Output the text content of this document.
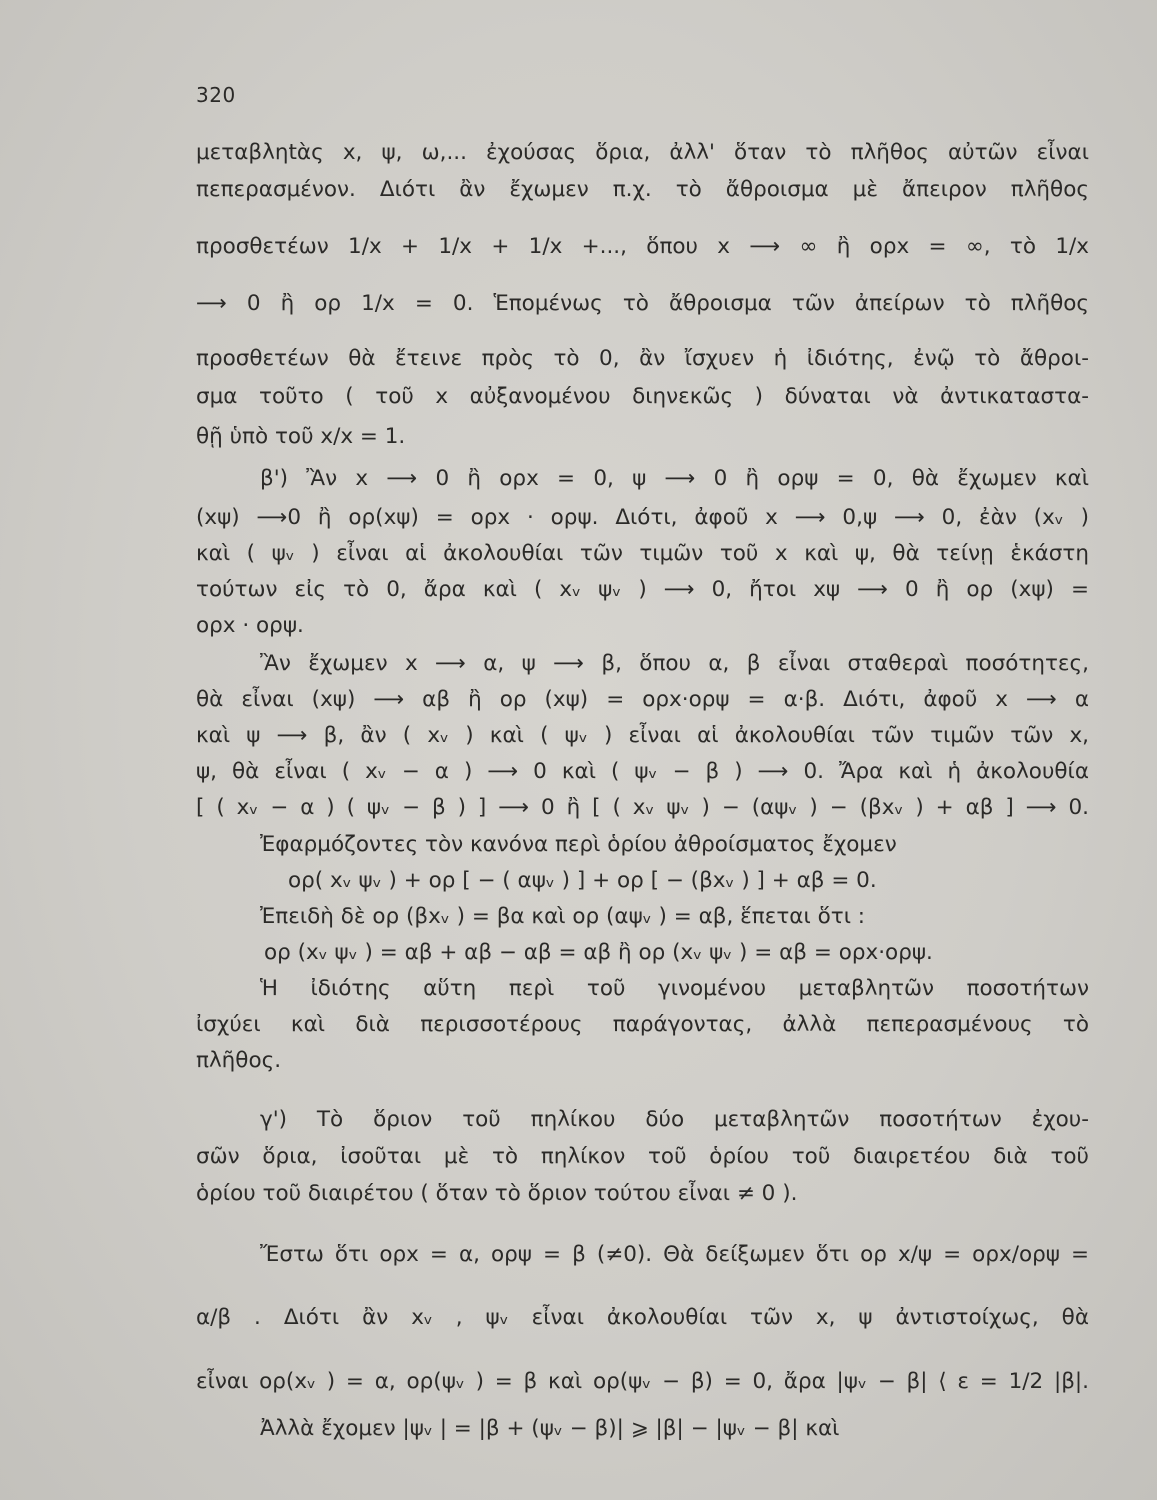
320
μεταβληtὰς x, ψ, ω,... ἐχούσας ὅρια, ἀλλ' ὅταν τὸ πλῆθος αὐτῶν εἶναι
πεπερασμένον. Διότι ἂν ἔχωμεν π.χ. τὸ ἄθροισμα μὲ ἄπειρον πλῆθος
προσθετέων 1/x + 1/x + 1/x +..., ὅπου x ⟶ ∞ ἢ ορx = ∞, τὸ 1/x
⟶ 0 ἢ ορ 1/x = 0. Ἑπομένως τὸ ἄθροισμα τῶν ἀπείρων τὸ πλῆθος
προσθετέων θὰ ἔτεινε πρὸς τὸ 0, ἂν ἴσχυεν ἡ ἰδιότης, ἐνῷ τὸ ἄθροι-
σμα τοῦτο ( τοῦ x αὐξανομένου διηνεκῶς ) δύναται νὰ ἀντικαταστα-
θῇ ὑπὸ τοῦ x/x = 1.
β') Ἂν x ⟶ 0 ἢ ορx = 0, ψ ⟶ 0 ἢ ορψ = 0, θὰ ἔχωμεν καὶ
(xψ) ⟶0 ἢ ορ(xψ) = ορx · ορψ. Διότι, ἀφοῦ x ⟶ 0,ψ ⟶ 0, ἐὰν (xᵥ )
καὶ ( ψᵥ ) εἶναι αἱ ἀκολουθίαι τῶν τιμῶν τοῦ x καὶ ψ, θὰ τείνῃ ἑκάστη
τούτων εἰς τὸ 0, ἄρα καὶ ( xᵥ ψᵥ ) ⟶ 0, ἤτοι xψ ⟶ 0 ἢ ορ (xψ) =
ορx · ορψ.
Ἂν ἔχωμεν x ⟶ α, ψ ⟶ β, ὅπου α, β εἶναι σταθεραὶ ποσότητες,
θὰ εἶναι (xψ) ⟶ αβ ἢ ορ (xψ) = ορx·ορψ = α·β. Διότι, ἀφοῦ x ⟶ α
καὶ ψ ⟶ β, ἂν ( xᵥ ) καὶ ( ψᵥ ) εἶναι αἱ ἀκολουθίαι τῶν τιμῶν τῶν x,
ψ, θὰ εἶναι ( xᵥ − α ) ⟶ 0 καὶ ( ψᵥ − β ) ⟶ 0. Ἄρα καὶ ἡ ἀκολουθία
[ ( xᵥ − α ) ( ψᵥ − β ) ] ⟶ 0 ἢ [ ( xᵥ ψᵥ ) − (αψᵥ ) − (βxᵥ ) + αβ ] ⟶ 0.
Ἐφαρμόζοντες τὸν κανόνα περὶ ὁρίου ἀθροίσματος ἔχομεν
ορ( xᵥ ψᵥ ) + ορ [ − ( αψᵥ ) ] + ορ [ − (βxᵥ ) ] + αβ = 0.
Ἐπειδὴ δὲ ορ (βxᵥ ) = βα καὶ ορ (αψᵥ ) = αβ, ἕπεται ὅτι :
ορ (xᵥ ψᵥ ) = αβ + αβ − αβ = αβ ἢ ορ (xᵥ ψᵥ ) = αβ = ορx·ορψ.
Ἡ ἰδιότης αὕτη περὶ τοῦ γινομένου μεταβλητῶν ποσοτήτων
ἰσχύει καὶ διὰ περισσοτέρους παράγοντας, ἀλλὰ πεπερασμένους τὸ
πλῆθος.
γ') Τὸ ὅριον τοῦ πηλίκου δύο μεταβλητῶν ποσοτήτων ἐχου-
σῶν ὅρια, ἰσοῦται μὲ τὸ πηλίκον τοῦ ὁρίου τοῦ διαιρετέου διὰ τοῦ
ὁρίου τοῦ διαιρέτου ( ὅταν τὸ ὅριον τούτου εἶναι ≠ 0 ).
Ἔστω ὅτι ορx = α, ορψ = β (≠0). Θὰ δείξωμεν ὅτι ορ x/ψ = ορx/ορψ =
α/β . Διότι ἂν xᵥ , ψᵥ εἶναι ἀκολουθίαι τῶν x, ψ ἀντιστοίχως, θὰ
εἶναι ορ(xᵥ ) = α, ορ(ψᵥ ) = β καὶ ορ(ψᵥ − β) = 0, ἄρα |ψᵥ − β| ⟨ ε = 1/2 |β|.
Ἀλλὰ ἔχομεν |ψᵥ | = |β + (ψᵥ − β)| ⩾ |β| − |ψᵥ − β| καὶ
